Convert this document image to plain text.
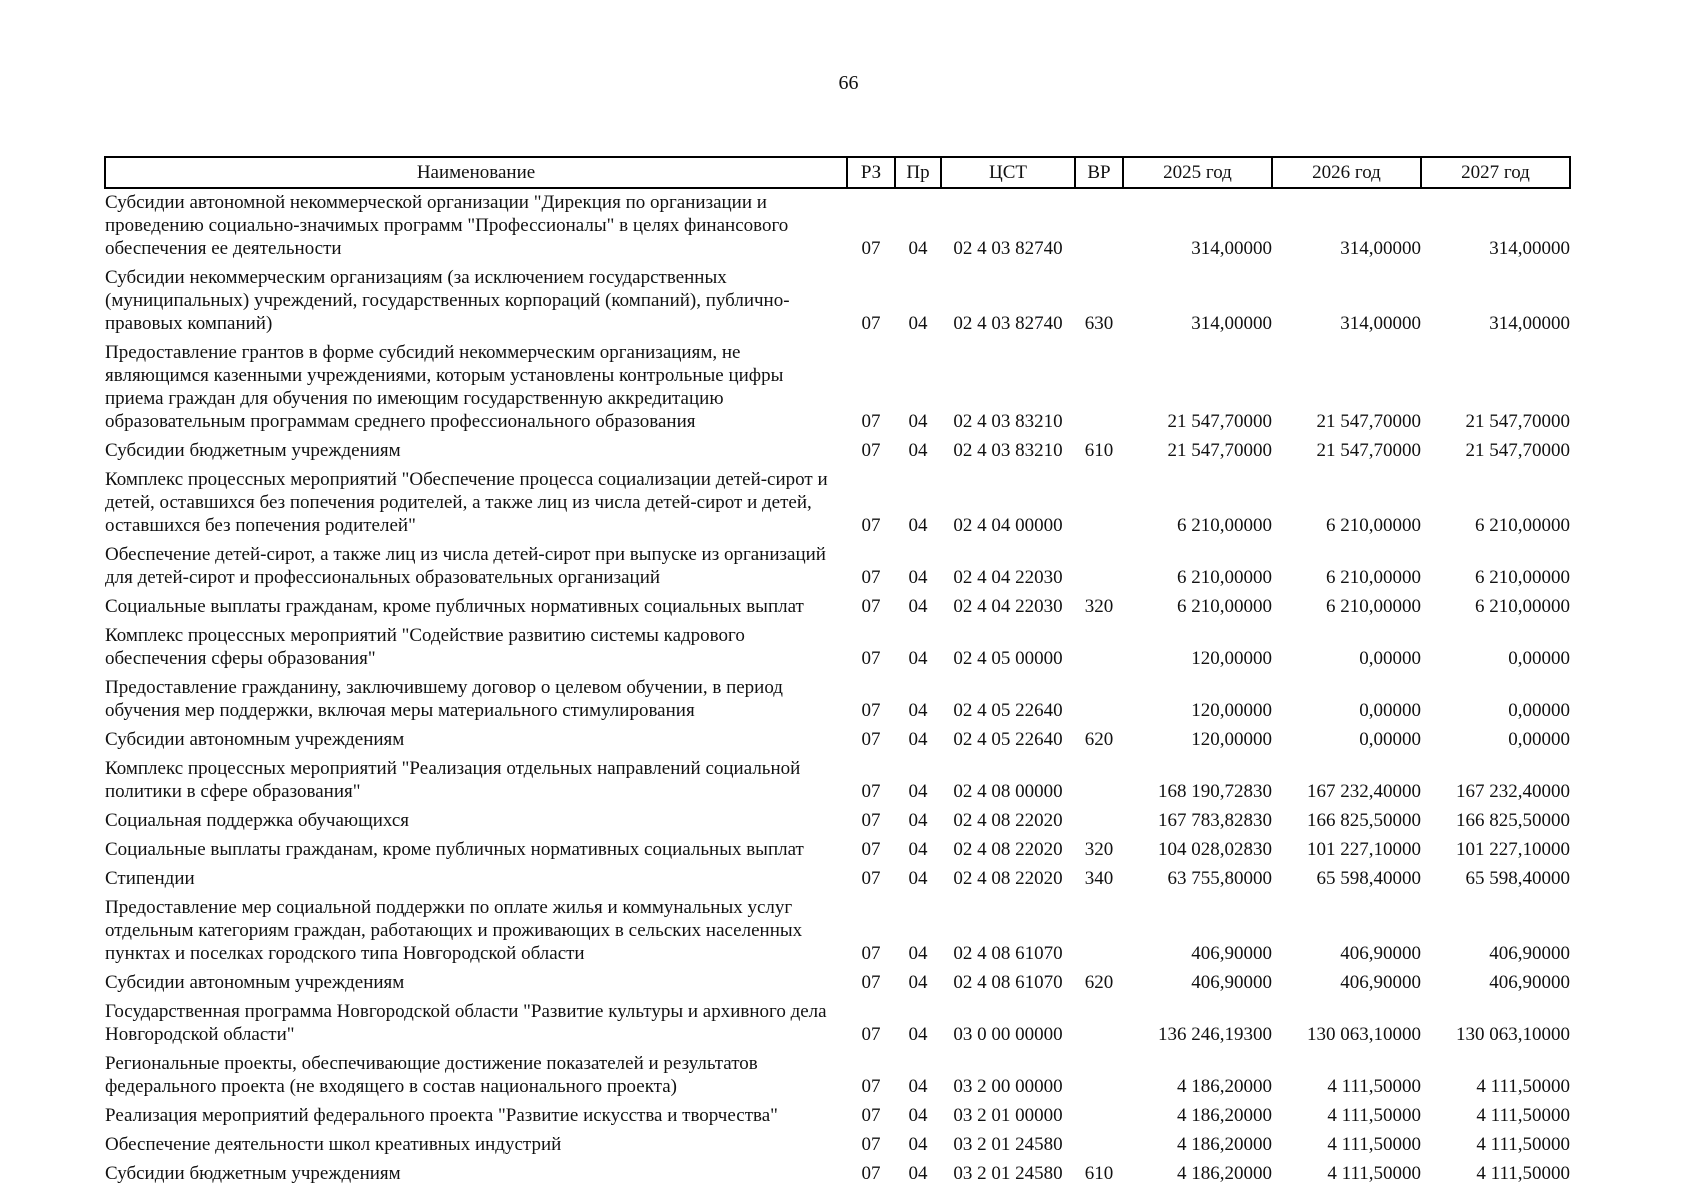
66
Наименование	РЗ	Пр	ЦСТ	ВР	2025 год	2026 год	2027 год
Субсидии автономной некоммерческой организации "Дирекция по организации и проведению социально-значимых программ "Профессионалы" в целях финансового обеспечения ее деятельности	07	04	02 4 03 82740		314,00000	314,00000	314,00000
Субсидии некоммерческим организациям (за исключением государственных (муниципальных) учреждений, государственных корпораций (компаний), публично-правовых компаний)	07	04	02 4 03 82740	630	314,00000	314,00000	314,00000
Предоставление грантов в форме субсидий некоммерческим организациям, не являющимся казенными учреждениями, которым установлены контрольные цифры приема граждан для обучения по имеющим государственную аккредитацию образовательным программам среднего профессионального образования	07	04	02 4 03 83210		21 547,70000	21 547,70000	21 547,70000
Субсидии бюджетным учреждениям	07	04	02 4 03 83210	610	21 547,70000	21 547,70000	21 547,70000
Комплекс процессных мероприятий "Обеспечение процесса социализации детей-сирот и детей, оставшихся без попечения родителей, а также лиц из числа детей-сирот и детей, оставшихся без попечения родителей"	07	04	02 4 04 00000		6 210,00000	6 210,00000	6 210,00000
Обеспечение детей-сирот, а также лиц из числа детей-сирот при выпуске из организаций для детей-сирот и профессиональных образовательных организаций	07	04	02 4 04 22030		6 210,00000	6 210,00000	6 210,00000
Социальные выплаты гражданам, кроме публичных нормативных социальных выплат	07	04	02 4 04 22030	320	6 210,00000	6 210,00000	6 210,00000
Комплекс процессных мероприятий "Содействие развитию системы кадрового обеспечения сферы образования"	07	04	02 4 05 00000		120,00000	0,00000	0,00000
Предоставление гражданину, заключившему договор о целевом обучении, в период обучения мер поддержки, включая меры материального стимулирования	07	04	02 4 05 22640		120,00000	0,00000	0,00000
Субсидии автономным учреждениям	07	04	02 4 05 22640	620	120,00000	0,00000	0,00000
Комплекс процессных мероприятий "Реализация отдельных направлений социальной политики в сфере образования"	07	04	02 4 08 00000		168 190,72830	167 232,40000	167 232,40000
Социальная поддержка обучающихся	07	04	02 4 08 22020		167 783,82830	166 825,50000	166 825,50000
Социальные выплаты гражданам, кроме публичных нормативных социальных выплат	07	04	02 4 08 22020	320	104 028,02830	101 227,10000	101 227,10000
Стипендии	07	04	02 4 08 22020	340	63 755,80000	65 598,40000	65 598,40000
Предоставление мер социальной поддержки по оплате жилья и коммунальных услуг отдельным категориям граждан, работающих и проживающих в сельских населенных пунктах и поселках городского типа Новгородской области	07	04	02 4 08 61070		406,90000	406,90000	406,90000
Субсидии автономным учреждениям	07	04	02 4 08 61070	620	406,90000	406,90000	406,90000
Государственная программа Новгородской области "Развитие культуры и архивного дела Новгородской области"	07	04	03 0 00 00000		136 246,19300	130 063,10000	130 063,10000
Региональные проекты, обеспечивающие достижение показателей и результатов федерального проекта (не входящего в состав национального проекта)	07	04	03 2 00 00000		4 186,20000	4 111,50000	4 111,50000
Реализация мероприятий федерального проекта "Развитие искусства и творчества"	07	04	03 2 01 00000		4 186,20000	4 111,50000	4 111,50000
Обеспечение деятельности школ креативных индустрий	07	04	03 2 01 24580		4 186,20000	4 111,50000	4 111,50000
Субсидии бюджетным учреждениям	07	04	03 2 01 24580	610	4 186,20000	4 111,50000	4 111,50000
